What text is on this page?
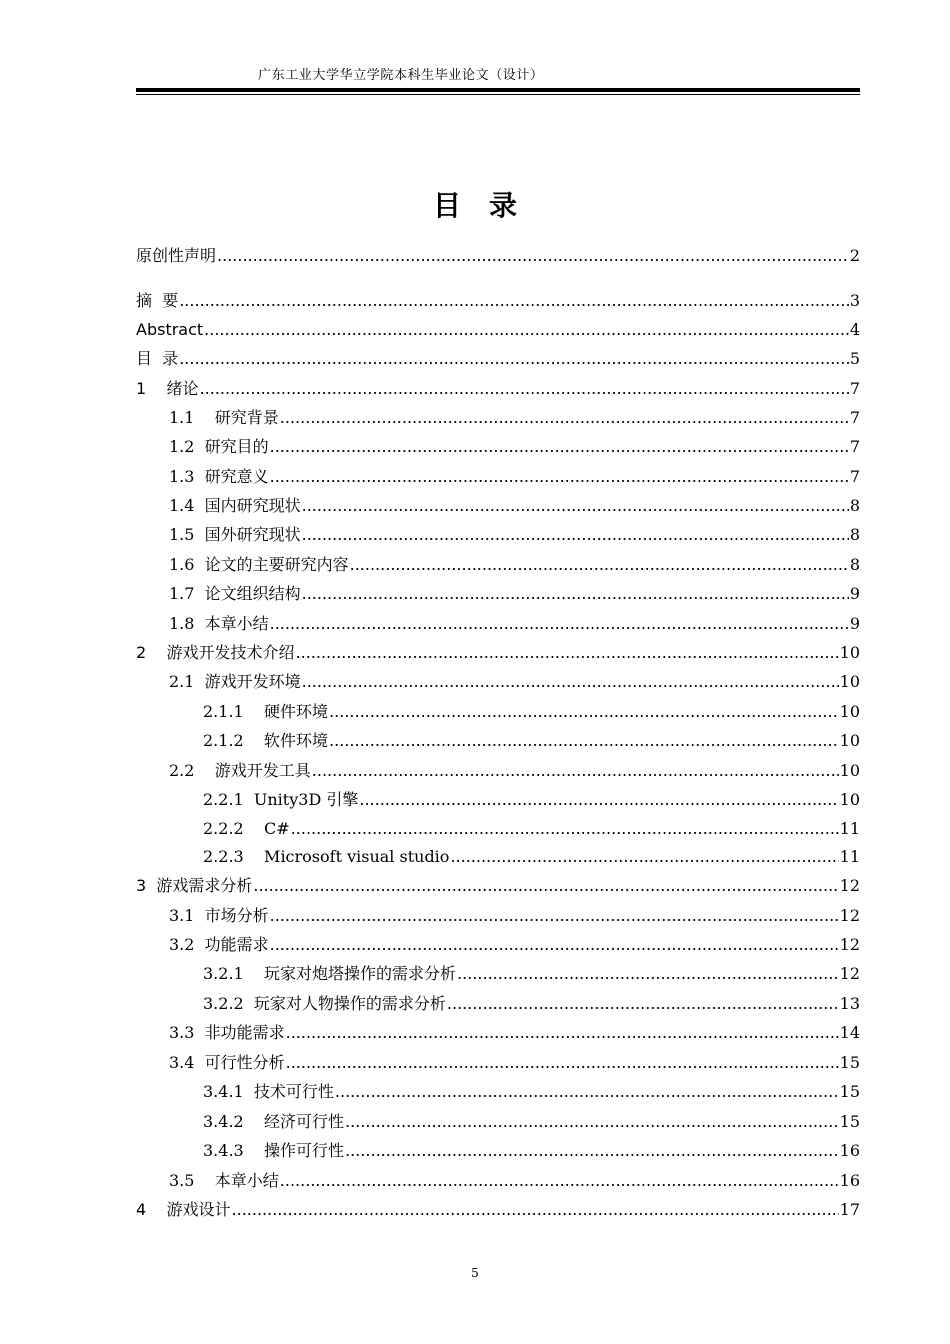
广东工业大学华立学院本科生毕业论文（设计）
目　录
原创性声明 .....	2
摘  要 .....	3
Abstract .....	4
目  录 .....	5
1    绪论 .....	7
1.1    研究背景 .....	7
1.2  研究目的 .....	7
1.3  研究意义 .....	7
1.4  国内研究现状 .....	8
1.5  国外研究现状 .....	8
1.6  论文的主要研究内容 .....	8
1.7  论文组织结构 .....	9
1.8  本章小结 .....	9
2    游戏开发技术介绍 .....	10
2.1  游戏开发环境 .....	10
2.1.1    硬件环境 .....	10
2.1.2    软件环境 .....	10
2.2    游戏开发工具 .....	10
2.2.1  Unity3D 引擎 .....	10
2.2.2    C# .....	11
2.2.3    Microsoft visual studio .....	11
3  游戏需求分析 .....	12
3.1  市场分析 .....	12
3.2  功能需求 .....	12
3.2.1    玩家对炮塔操作的需求分析 .....	12
3.2.2  玩家对人物操作的需求分析 .....	13
3.3  非功能需求 .....	14
3.4  可行性分析 .....	15
3.4.1  技术可行性 .....	15
3.4.2    经济可行性 .....	15
3.4.3    操作可行性 .....	16
3.5    本章小结 .....	16
4    游戏设计 .....	17
5
